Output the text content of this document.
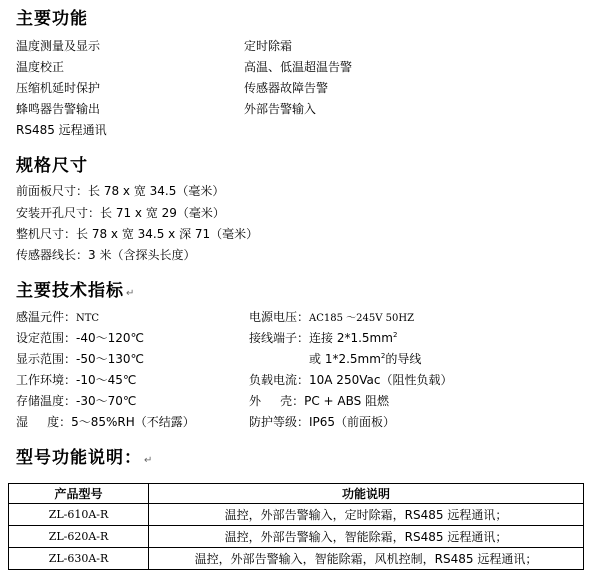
主要功能
温度测量及显示
温度校正
压缩机延时保护
蜂鸣器告警输出
RS485 远程通讯
定时除霜
高温、低温超温告警
传感器故障告警
外部告警输入
规格尺寸
前面板尺寸：长 78 x 宽 34.5（毫米）
安装开孔尺寸：长 71 x 宽 29（毫米）
整机尺寸：长 78 x 宽 34.5 x 深 71（毫米）
传感器线长：3 米（含探头长度）
主要技术指标 ↵
感温元件：NTC
设定范围：-40～120℃
显示范围：-50～130℃
工作环境：-10～45℃
存储温度：-30～70℃
湿     度：5～85%RH（不结露）
电源电压：AC185 ～245V 50HZ
接线端子：连接 $2*1.5mm^2$
或 $1*2.5mm^2$的导线
负载电流：10A 250Vac（阻性负载）
外     壳：PC + ABS 阻燃
防护等级：IP65（前面板）
型号功能说明： ↵
产品型号	功能说明
ZL-610A-R	温控，外部告警输入，定时除霜，RS485 远程通讯；
ZL-620A-R	温控，外部告警输入，智能除霜，RS485 远程通讯；
ZL-630A-R	温控，外部告警输入，智能除霜，风机控制，RS485 远程通讯；
